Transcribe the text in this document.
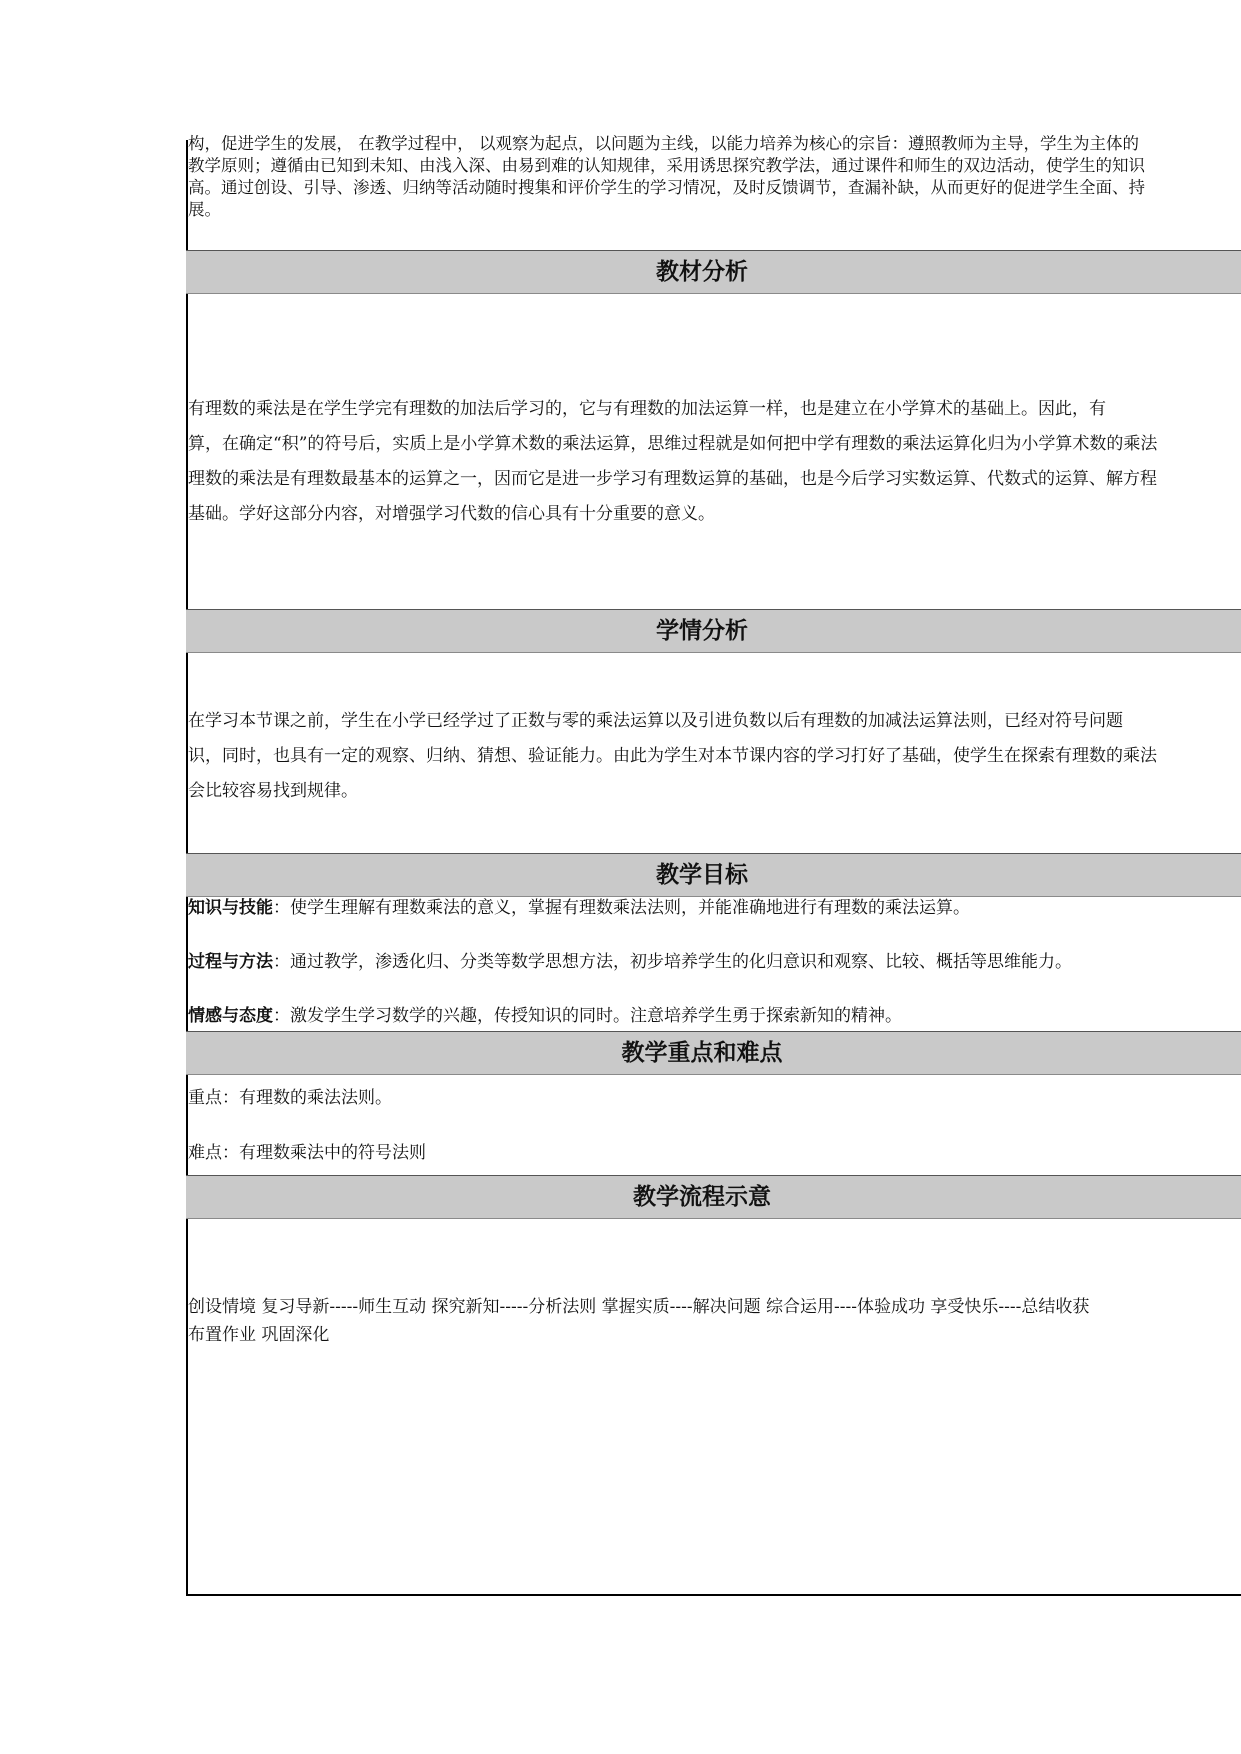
构，促进学生的发展， 在教学过程中， 以观察为起点，以问题为主线，以能力培养为核心的宗旨：遵照教师为主导，学生为主体的
教学原则；遵循由已知到未知、由浅入深、由易到难的认知规律，采用诱思探究教学法，通过课件和师生的双边活动，使学生的知识
高。通过创设、引导、渗透、归纳等活动随时搜集和评价学生的学习情况，及时反馈调节，查漏补缺，从而更好的促进学生全面、持
展。
教材分析
有理数的乘法是在学生学完有理数的加法后学习的，它与有理数的加法运算一样，也是建立在小学算术的基础上。因此，有
算，在确定“积”的符号后，实质上是小学算术数的乘法运算，思维过程就是如何把中学有理数的乘法运算化归为小学算术数的乘法
理数的乘法是有理数最基本的运算之一，因而它是进一步学习有理数运算的基础，也是今后学习实数运算、代数式的运算、解方程
基础。学好这部分内容，对增强学习代数的信心具有十分重要的意义。
学情分析
在学习本节课之前，学生在小学已经学过了正数与零的乘法运算以及引进负数以后有理数的加减法运算法则，已经对符号问题
识，同时，也具有一定的观察、归纳、猜想、验证能力。由此为学生对本节课内容的学习打好了基础，使学生在探索有理数的乘法
会比较容易找到规律。
教学目标
知识与技能：使学生理解有理数乘法的意义，掌握有理数乘法法则，并能准确地进行有理数的乘法运算。
过程与方法：通过教学，渗透化归、分类等数学思想方法，初步培养学生的化归意识和观察、比较、概括等思维能力。
情感与态度：激发学生学习数学的兴趣，传授知识的同时。注意培养学生勇于探索新知的精神。
教学重点和难点
重点：有理数的乘法法则。
难点：有理数乘法中的符号法则
教学流程示意
创设情境 复习导新-----师生互动 探究新知-----分析法则 掌握实质----解决问题 综合运用----体验成功 享受快乐----总结收获
布置作业 巩固深化
